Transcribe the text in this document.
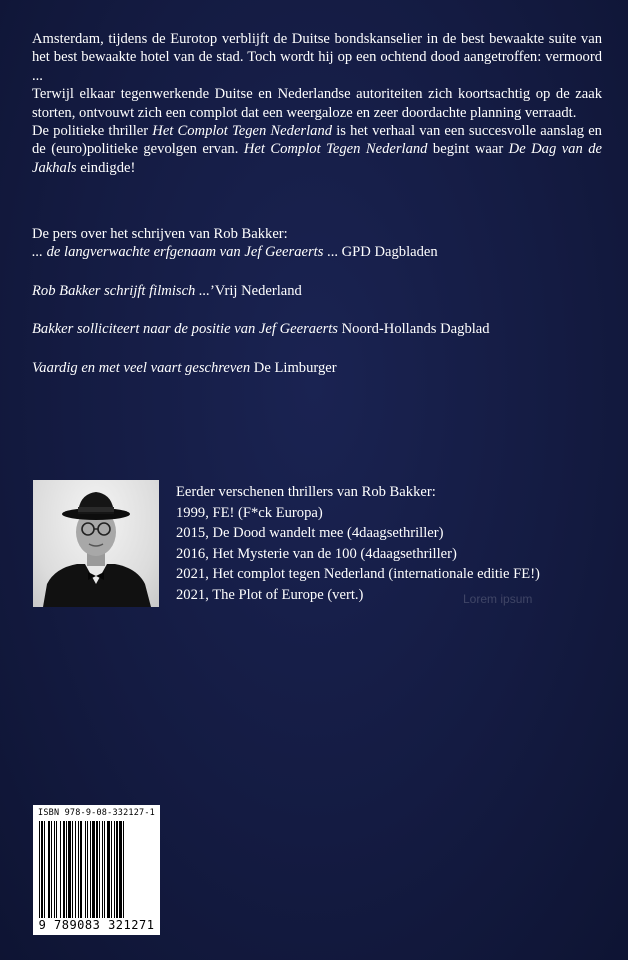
Amsterdam, tijdens de Eurotop verblijft de Duitse bondskanselier in de best bewaakte suite van het best bewaakte hotel van de stad. Toch wordt hij op een ochtend dood aangetroffen: vermoord ...

Terwijl elkaar tegenwerkende Duitse en Nederlandse autoriteiten zich koortsachtig op de zaak storten, ontvouwt zich een complot dat een weergaloze en zeer doordachte planning verraadt.

De politieke thriller Het Complot Tegen Nederland is het verhaal van een succesvolle aanslag en de (euro)politieke gevolgen ervan. Het Complot Tegen Nederland begint waar De Dag van de Jakhals eindigde!

De pers over het schrijven van Rob Bakker:

... de langverwachte erfgenaam van Jef Geeraerts ... GPD Dagbladen

Rob Bakker schrijft filmisch ...’Vrij Nederland

Bakker solliciteert naar de positie van Jef Geeraerts Noord-Hollands Dagblad

Vaardig en met veel vaart geschreven De Limburger

Eerder verschenen thrillers van Rob Bakker:

1999, FE! (F*ck Europa)

2015, De Dood wandelt mee (4daagsethriller)

2016, Het Mysterie van de 100 (4daagsethriller)

2021, Het complot tegen Nederland (internationale editie FE!)

2021, The Plot of Europe (vert.)	Lorem ipsum
ISBN 978-9-08-332127-1
9 789083 321271
